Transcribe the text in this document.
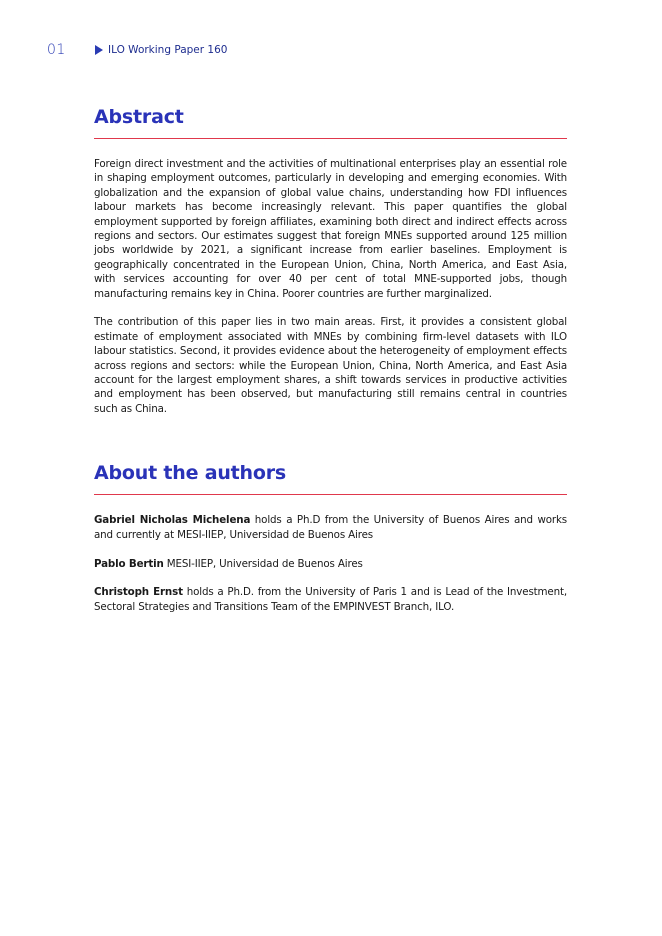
01	ILO Working Paper 160
Abstract

Foreign direct investment and the activities of multinational enterprises play an essential role in shaping employment outcomes, particularly in developing and emerging economies. With globalization and the expansion of global value chains, understanding how FDI influences labour markets has become increasingly relevant. This paper quantifies the global employment supported by foreign affiliates, examining both direct and indirect effects across regions and sectors. Our estimates suggest that foreign MNEs supported around 125 million jobs worldwide by 2021, a significant increase from earlier baselines. Employment is geographically concentrated in the European Union, China, North America, and East Asia, with services accounting for over 40 per cent of total MNE-supported jobs, though manufacturing remains key in China. Poorer countries are further marginalized.

The contribution of this paper lies in two main areas. First, it provides a consistent global estimate of employment associated with MNEs by combining firm-level datasets with ILO labour statistics. Second, it provides evidence about the heterogeneity of employment effects across regions and sectors: while the European Union, China, North America, and East Asia account for the largest employment shares, a shift towards services in productive activities and employment has been observed, but manufacturing still remains central in countries such as China.

About the authors

Gabriel Nicholas Michelena holds a Ph.D from the University of Buenos Aires and works and currently at MESI-IIEP, Universidad de Buenos Aires

Pablo Bertin MESI-IIEP, Universidad de Buenos Aires

Christoph Ernst holds a Ph.D. from the University of Paris 1 and is Lead of the Investment, Sectoral Strategies and Transitions Team of the EMPINVEST Branch, ILO.
